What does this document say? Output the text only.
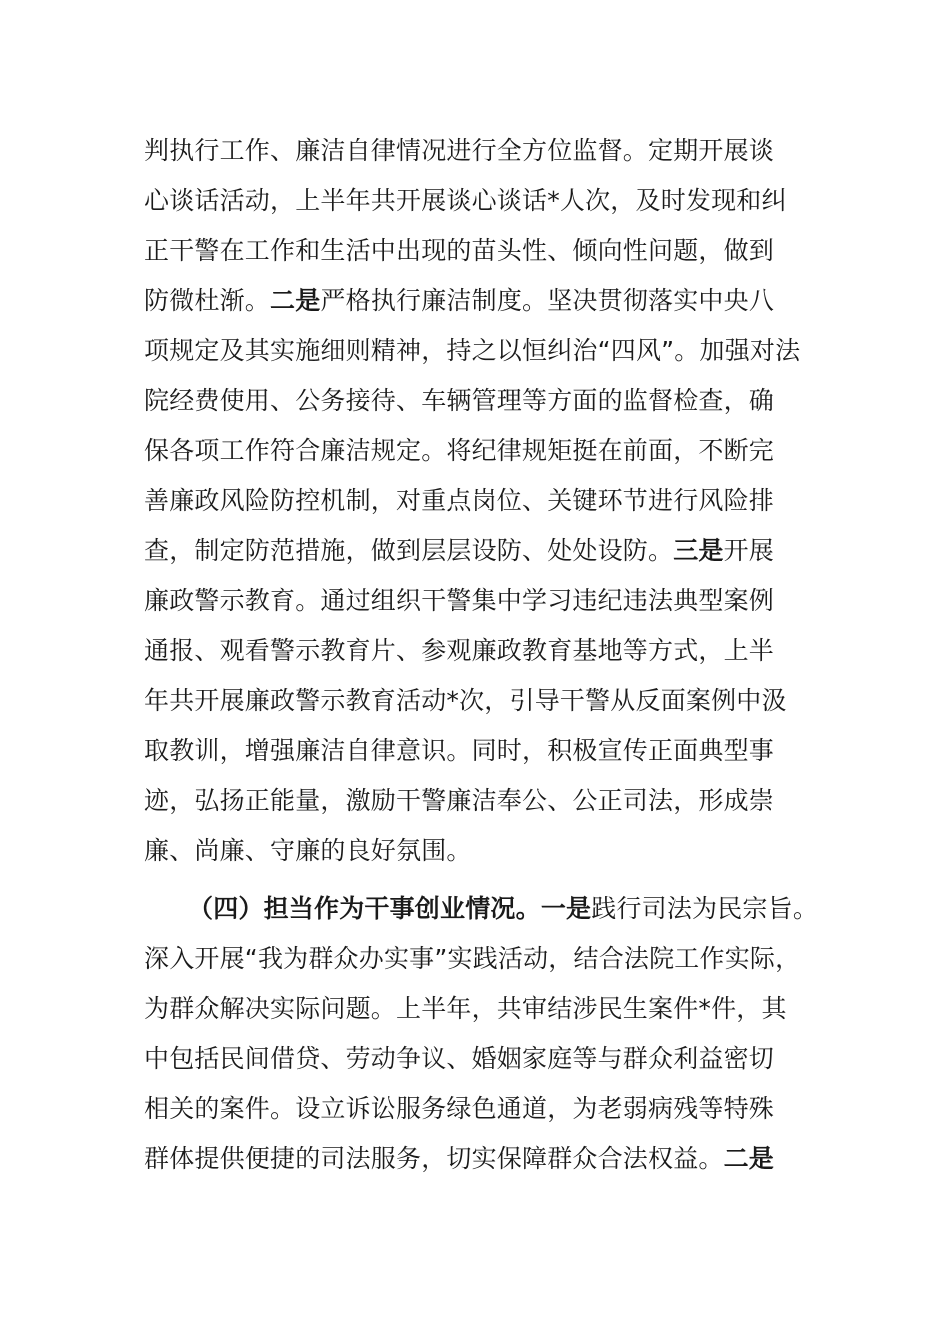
判执行工作、廉洁自律情况进行全方位监督。定期开展谈
心谈话活动，上半年共开展谈心谈话*人次，及时发现和纠
正干警在工作和生活中出现的苗头性、倾向性问题，做到
防微杜渐。二是严格执行廉洁制度。坚决贯彻落实中央八
项规定及其实施细则精神，持之以恒纠治“四风”。加强对法
院经费使用、公务接待、车辆管理等方面的监督检查，确
保各项工作符合廉洁规定。将纪律规矩挺在前面，不断完
善廉政风险防控机制，对重点岗位、关键环节进行风险排
查，制定防范措施，做到层层设防、处处设防。三是开展
廉政警示教育。通过组织干警集中学习违纪违法典型案例
通报、观看警示教育片、参观廉政教育基地等方式，上半
年共开展廉政警示教育活动*次，引导干警从反面案例中汲
取教训，增强廉洁自律意识。同时，积极宣传正面典型事
迹，弘扬正能量，激励干警廉洁奉公、公正司法，形成崇
廉、尚廉、守廉的良好氛围。
（四）担当作为干事创业情况。一是践行司法为民宗旨。
深入开展“我为群众办实事”实践活动，结合法院工作实际，
为群众解决实际问题。上半年，共审结涉民生案件*件，其
中包括民间借贷、劳动争议、婚姻家庭等与群众利益密切
相关的案件。设立诉讼服务绿色通道，为老弱病残等特殊
群体提供便捷的司法服务，切实保障群众合法权益。二是
